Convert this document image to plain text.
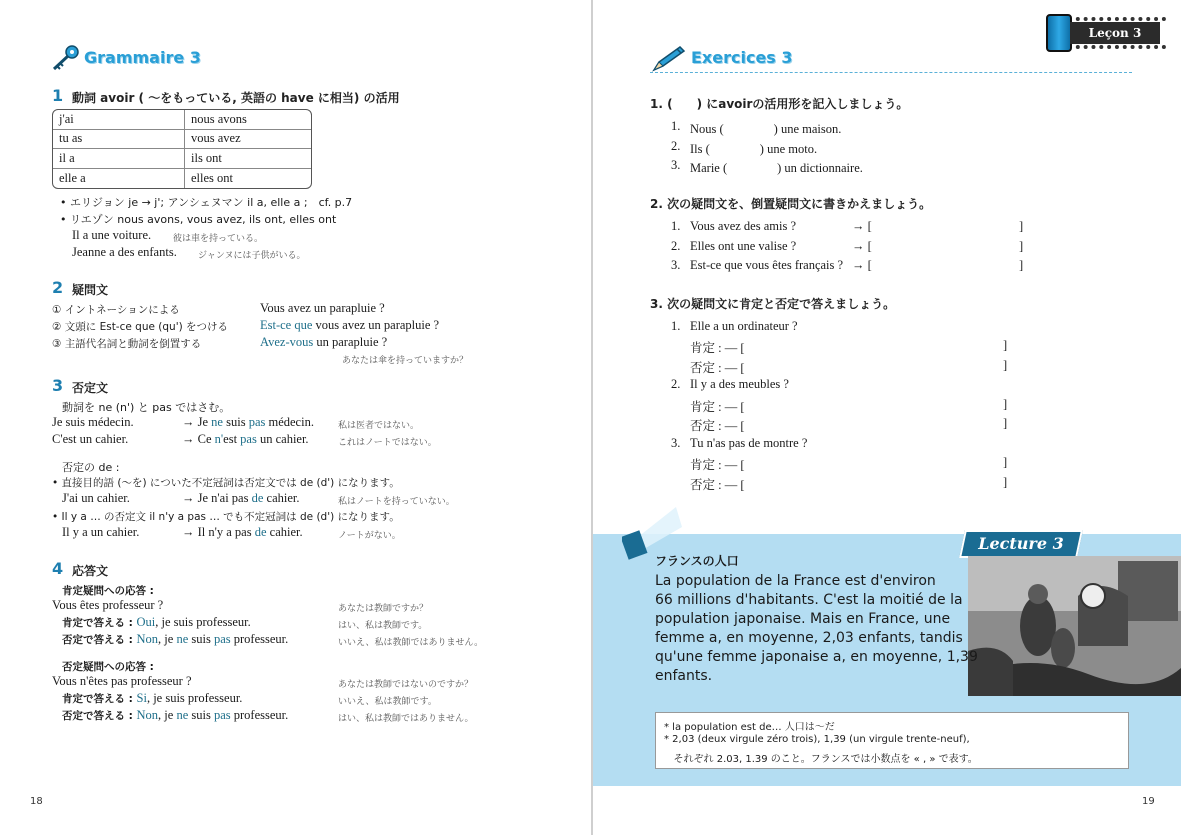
Grammaire 3
1 動詞 avoir ( ～をもっている, 英語の have に相当) の活用
j'ai	nous avons
tu as	vous avez
il a	ils ont
elle a	elles ont
• エリジョン je → j'; アンシェヌマン il a, elle a ;　cf. p.7
• リエゾン nous avons, vous avez, ils ont, elles ont
Il a une voiture. 彼は車を持っている。
Jeanne a des enfants. ジャンヌには子供がいる。
2 疑問文
① イントネーションによる	Vous avez un parapluie ?
② 文頭に Est-ce que (qu') をつける	Est-ce que vous avez un parapluie ?
③ 主語代名詞と動詞を倒置する	Avez-vous un parapluie ?
あなたは傘を持っていますか？
3 否定文
動詞を ne (n') と pas ではさむ。
Je suis médecin.	→ Je ne suis pas médecin.	私は医者ではない。
C'est un cahier.	→ Ce n'est pas un cahier.	これはノートではない。
否定の de :
• 直接目的語 (～を) についた不定冠詞は否定文では de (d') になります。
J'ai un cahier.	→ Je n'ai pas de cahier.	私はノートを持っていない。
• Il y a … の否定文 il n'y a pas … でも不定冠詞は de (d') になります。
Il y a un cahier.	→ Il n'y a pas de cahier.	ノートがない。
4 応答文
肯定疑問への応答 :
Vous êtes professeur ?	あなたは教師ですか？
肯定で答える : Oui, je suis professeur.	はい、私は教師です。
否定で答える : Non, je ne suis pas professeur.	いいえ、私は教師ではありません。
否定疑問への応答 :
Vous n'êtes pas professeur ?	あなたは教師ではないのですか？
肯定で答える : Si, je suis professeur.	いいえ、私は教師です。
否定で答える : Non, je ne suis pas professeur.	はい、私は教師ではありません。
18
Leçon 3
Exercices 3
1. (　　) にavoirの活用形を記入しましょう。
1. Nous (　　　　) une maison.
2. Ils (　　　　) une moto.
3. Marie (　　　　) un dictionnaire.
2. 次の疑問文を、倒置疑問文に書きかえましょう。
1. Vous avez des amis ?	→ [	]
2. Elles ont une valise ?	→ [	]
3. Est-ce que vous êtes français ? → [	]
3. 次の疑問文に肯定と否定で答えましょう。
1. Elle a un ordinateur ?
肯定 : — [	]
否定 : — [	]
2. Il y a des meubles ?
肯定 : — [	]
否定 : — [	]
3. Tu n'as pas de montre ?
肯定 : — [	]
否定 : — [	]
Lecture 3
フランスの人口
La population de la France est d'environ
66 millions d'habitants. C'est la moitié de la
population japonaise. Mais en France, une
femme a, en moyenne, 2,03 enfants, tandis
qu'une femme japonaise a, en moyenne, 1,39
enfants.
* la population est de… 人口は～だ
* 2,03 (deux virgule zéro trois), 1,39 (un virgule trente-neuf),
それぞれ 2.03, 1.39 のこと。フランスでは小数点を « , » で表す。
19
